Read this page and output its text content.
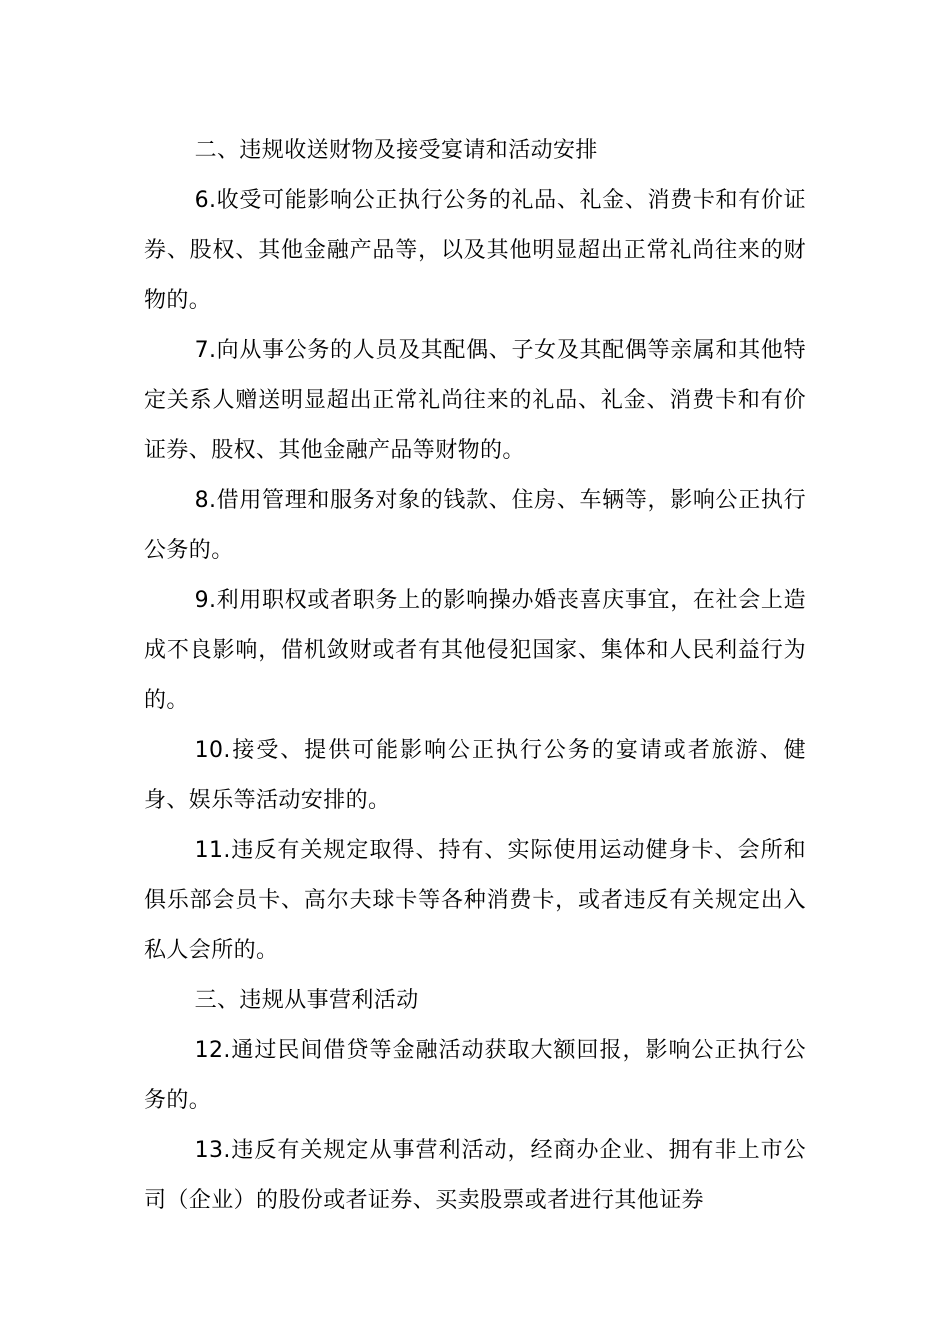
二、违规收送财物及接受宴请和活动安排

6.收受可能影响公正执行公务的礼品、礼金、消费卡和有价证券、股权、其他金融产品等，以及其他明显超出正常礼尚往来的财物的。

7.向从事公务的人员及其配偶、子女及其配偶等亲属和其他特定关系人赠送明显超出正常礼尚往来的礼品、礼金、消费卡和有价证券、股权、其他金融产品等财物的。

8.借用管理和服务对象的钱款、住房、车辆等，影响公正执行公务的。

9.利用职权或者职务上的影响操办婚丧喜庆事宜，在社会上造成不良影响，借机敛财或者有其他侵犯国家、集体和人民利益行为的。

10.接受、提供可能影响公正执行公务的宴请或者旅游、健身、娱乐等活动安排的。

11.违反有关规定取得、持有、实际使用运动健身卡、会所和俱乐部会员卡、高尔夫球卡等各种消费卡，或者违反有关规定出入私人会所的。

三、违规从事营利活动

12.通过民间借贷等金融活动获取大额回报，影响公正执行公务的。

13.违反有关规定从事营利活动，经商办企业、拥有非上市公司（企业）的股份或者证券、买卖股票或者进行其他证券
